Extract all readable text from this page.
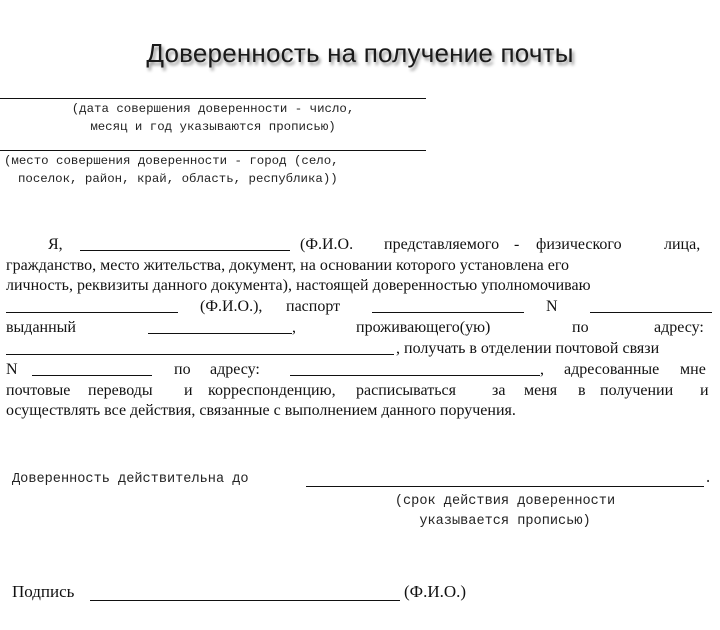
Доверенность на получение почты
(дата совершения доверенности - число,
месяц и год указываются прописью)
(место совершения доверенности - город (село,
поселок, район, край, область, республика))
Я,	(Ф.И.О. представляемого - физического	лица,
гражданство, место жительства, документ, на основании которого установлена его
личность, реквизиты данного документа), настоящей доверенностью уполномочиваю
(Ф.И.О.), паспорт	N
выданный	,	проживающего(ую)	по	адресу:
, получать в отделении почтовой связи
N	по адресу:	, адресованные мне
почтовые переводы и корреспонденцию, расписываться за меня в получении и
осуществлять все действия, связанные с выполнением данного поручения.
Доверенность действительна до	.
(срок действия доверенности
указывается прописью)
Подпись	(Ф.И.О.)
